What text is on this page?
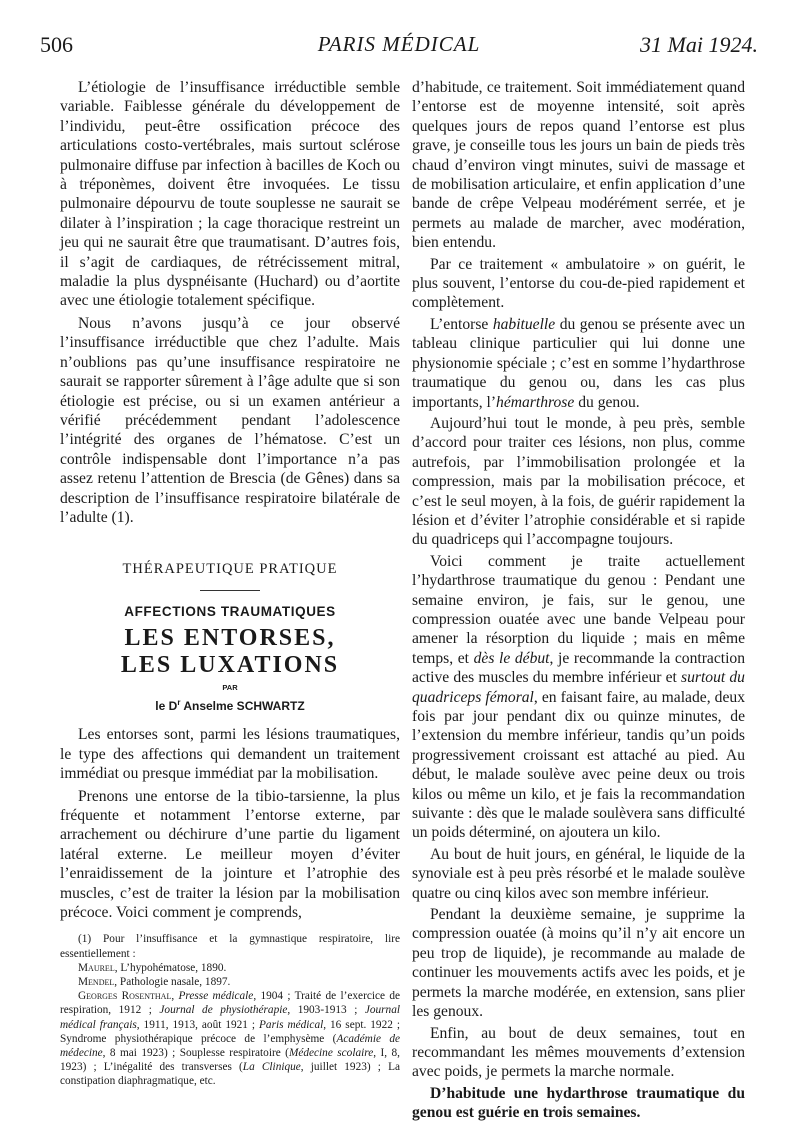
506	PARIS MÉDICAL	31 Mai 1924.

L’étiologie de l’insuffisance irréductible semble variable. Faiblesse générale du développement de l’individu, peut-être ossification précoce des articulations costo-vertébrales, mais surtout sclérose pulmonaire diffuse par infection à bacilles de Koch ou à tréponèmes, doivent être invoquées. Le tissu pulmonaire dépourvu de toute souplesse ne saurait se dilater à l’inspiration ; la cage thoracique restreint un jeu qui ne saurait être que traumatisant. D’autres fois, il s’agit de cardiaques, de rétrécissement mitral, maladie la plus dyspnéisante (Huchard) ou d’aortite avec une étiologie totalement spécifique.

Nous n’avons jusqu’à ce jour observé l’insuffisance irréductible que chez l’adulte. Mais n’oublions pas qu’une insuffisance respiratoire ne saurait se rapporter sûrement à l’âge adulte que si son étiologie est précise, ou si un examen antérieur a vérifié précédemment pendant l’adolescence l’intégrité des organes de l’hématose. C’est un contrôle indispensable dont l’importance n’a pas assez retenu l’attention de Brescia (de Gênes) dans sa description de l’insuffisance respiratoire bilatérale de l’adulte (1).

THÉRAPEUTIQUE PRATIQUE
AFFECTIONS TRAUMATIQUES
LES ENTORSES,
LES LUXATIONS
PAR
le $D^r$ Anselme SCHWARTZ

Les entorses sont, parmi les lésions traumatiques, le type des affections qui demandent un traitement immédiat ou presque immédiat par la mobilisation.

Prenons une entorse de la tibio-tarsienne, la plus fréquente et notamment l’entorse externe, par arrachement ou déchirure d’une partie du ligament latéral externe. Le meilleur moyen d’éviter l’enraidissement de la jointure et l’atrophie des muscles, c’est de traiter la lésion par la mobilisation précoce. Voici comment je comprends,

(1) Pour l’insuffisance et la gymnastique respiratoire, lire essentiellement :

Maurel, L’hypohématose, 1890.

Mendel, Pathologie nasale, 1897.

Georges Rosenthal, Presse médicale, 1904 ; Traité de l’exercice de respiration, 1912 ; Journal de physiothérapie, 1903-1913 ; Journal médical français, 1911, 1913, août 1921 ; Paris médical, 16 sept. 1922 ; Syndrome physiothérapique précoce de l’emphysème (Académie de médecine, 8 mai 1923) ; Souplesse respiratoire (Médecine scolaire, I, 8, 1923) ; L’inégalité des transverses (La Clinique, juillet 1923) ; La constipation diaphragmatique, etc.

d’habitude, ce traitement. Soit immédiatement quand l’entorse est de moyenne intensité, soit après quelques jours de repos quand l’entorse est plus grave, je conseille tous les jours un bain de pieds très chaud d’environ vingt minutes, suivi de massage et de mobilisation articulaire, et enfin application d’une bande de crêpe Velpeau modérément serrée, et je permets au malade de marcher, avec modération, bien entendu.

Par ce traitement « ambulatoire » on guérit, le plus souvent, l’entorse du cou-de-pied rapidement et complètement.

L’entorse habituelle du genou se présente avec un tableau clinique particulier qui lui donne une physionomie spéciale ; c’est en somme l’hydarthrose traumatique du genou ou, dans les cas plus importants, l’hémarthrose du genou.

Aujourd’hui tout le monde, à peu près, semble d’accord pour traiter ces lésions, non plus, comme autrefois, par l’immobilisation prolongée et la compression, mais par la mobilisation précoce, et c’est le seul moyen, à la fois, de guérir rapidement la lésion et d’éviter l’atrophie considérable et si rapide du quadriceps qui l’accompagne toujours.

Voici comment je traite actuellement l’hydarthrose traumatique du genou : Pendant une semaine environ, je fais, sur le genou, une compression ouatée avec une bande Velpeau pour amener la résorption du liquide ; mais en même temps, et dès le début, je recommande la contraction active des muscles du membre inférieur et surtout du quadriceps fémoral, en faisant faire, au malade, deux fois par jour pendant dix ou quinze minutes, de l’extension du membre inférieur, tandis qu’un poids progressivement croissant est attaché au pied. Au début, le malade soulève avec peine deux ou trois kilos ou même un kilo, et je fais la recommandation suivante : dès que le malade soulèvera sans difficulté un poids déterminé, on ajoutera un kilo.

Au bout de huit jours, en général, le liquide de la synoviale est à peu près résorbé et le malade soulève quatre ou cinq kilos avec son membre inférieur.

Pendant la deuxième semaine, je supprime la compression ouatée (à moins qu’il n’y ait encore un peu trop de liquide), je recommande au malade de continuer les mouvements actifs avec les poids, et je permets la marche modérée, en extension, sans plier les genoux.

Enfin, au bout de deux semaines, tout en recommandant les mêmes mouvements d’extension avec poids, je permets la marche normale.

D’habitude une hydarthrose traumatique du genou est guérie en trois semaines.
